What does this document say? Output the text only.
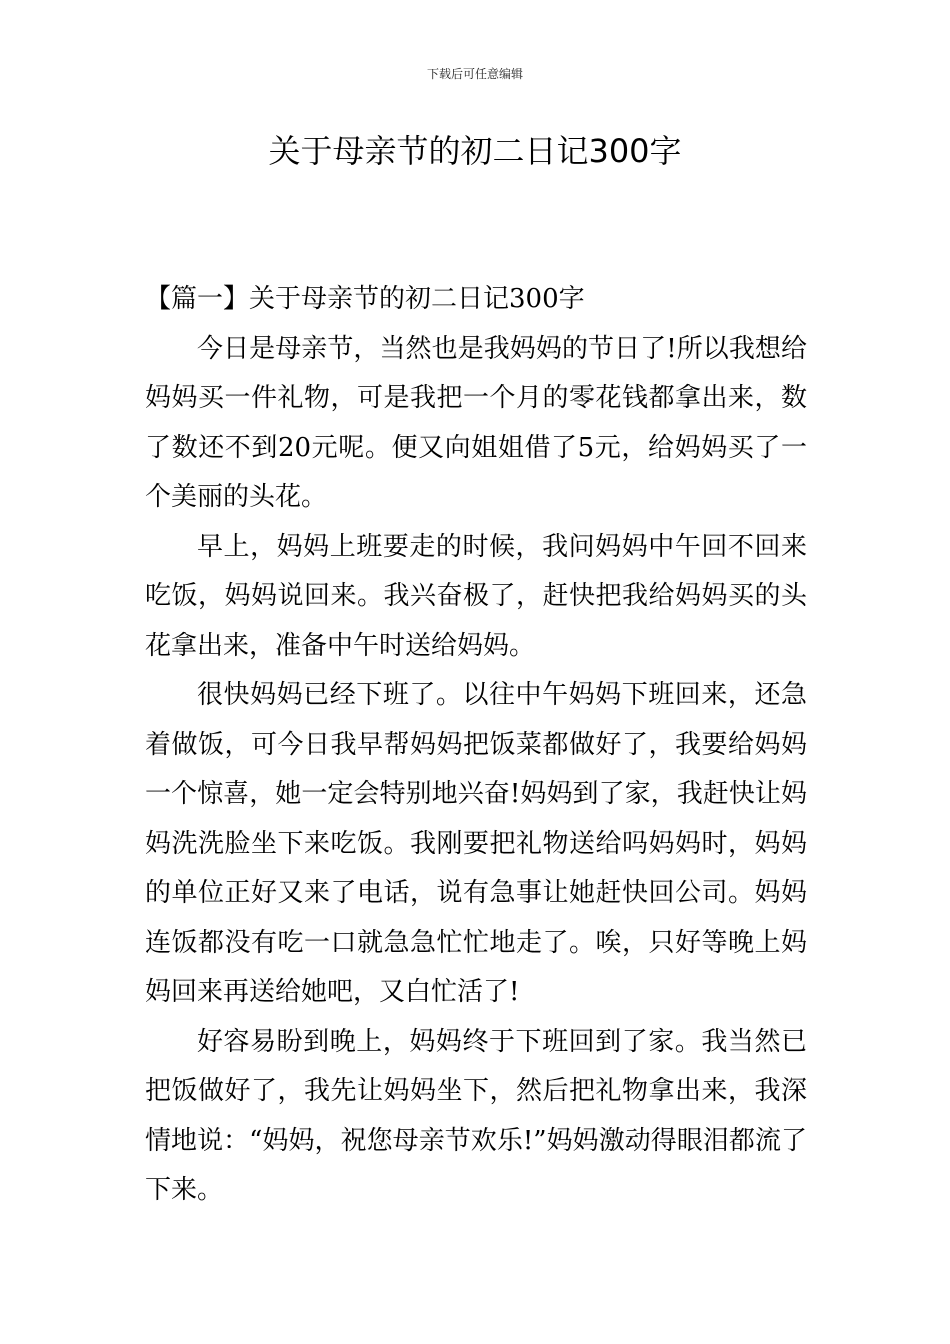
下载后可任意编辑
关于母亲节的初二日记300字
【篇一】关于母亲节的初二日记300字

今日是母亲节，当然也是我妈妈的节日了!所以我想给妈妈买一件礼物，可是我把一个月的零花钱都拿出来，数了数还不到20元呢。便又向姐姐借了5元，给妈妈买了一个美丽的头花。

早上，妈妈上班要走的时候，我问妈妈中午回不回来吃饭，妈妈说回来。我兴奋极了，赶快把我给妈妈买的头花拿出来，准备中午时送给妈妈。

很快妈妈已经下班了。以往中午妈妈下班回来，还急着做饭，可今日我早帮妈妈把饭菜都做好了，我要给妈妈一个惊喜，她一定会特别地兴奋!妈妈到了家，我赶快让妈妈洗洗脸坐下来吃饭。我刚要把礼物送给吗妈妈时，妈妈的单位正好又来了电话，说有急事让她赶快回公司。妈妈连饭都没有吃一口就急急忙忙地走了。唉，只好等晚上妈妈回来再送给她吧，又白忙活了!

好容易盼到晚上，妈妈终于下班回到了家。我当然已把饭做好了，我先让妈妈坐下，然后把礼物拿出来，我深情地说：“妈妈，祝您母亲节欢乐!”妈妈激动得眼泪都流了下来。
